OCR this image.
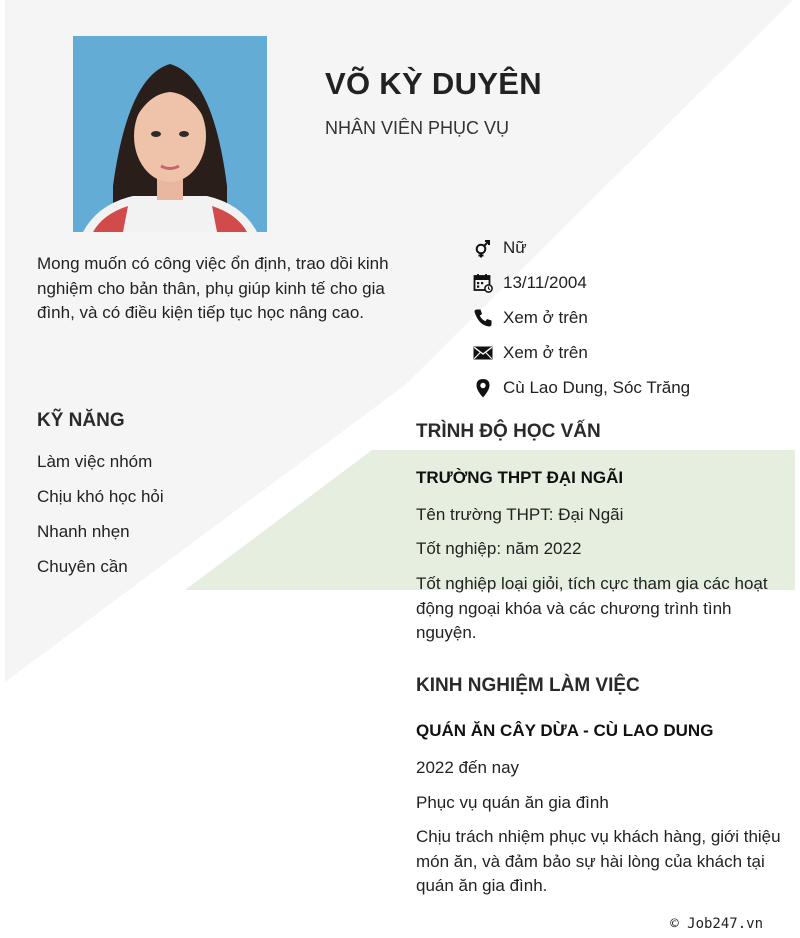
VÕ KỲ DUYÊN

NHÂN VIÊN PHỤC VỤ

Mong muốn có công việc ổn định, trao dồi kinh nghiệm cho bản thân, phụ giúp kinh tế cho gia đình, và có điều kiện tiếp tục học nâng cao.

Nữ
13/11/2004
Xem ở trên
Xem ở trên
Cù Lao Dung, Sóc Trăng
KỸ NĂNG
Làm việc nhóm
Chịu khó học hỏi
Nhanh nhẹn
Chuyên cần
TRÌNH ĐỘ HỌC VẤN

TRƯỜNG THPT ĐẠI NGÃI

Tên trường THPT: Đại Ngãi

Tốt nghiệp: năm 2022

Tốt nghiệp loại giỏi, tích cực tham gia các hoạt động ngoại khóa và các chương trình tình nguyện.

KINH NGHIỆM LÀM VIỆC

QUÁN ĂN CÂY DỪA - CÙ LAO DUNG

2022 đến nay

Phục vụ quán ăn gia đình

Chịu trách nhiệm phục vụ khách hàng, giới thiệu món ăn, và đảm bảo sự hài lòng của khách tại quán ăn gia đình.

© Job247.vn
